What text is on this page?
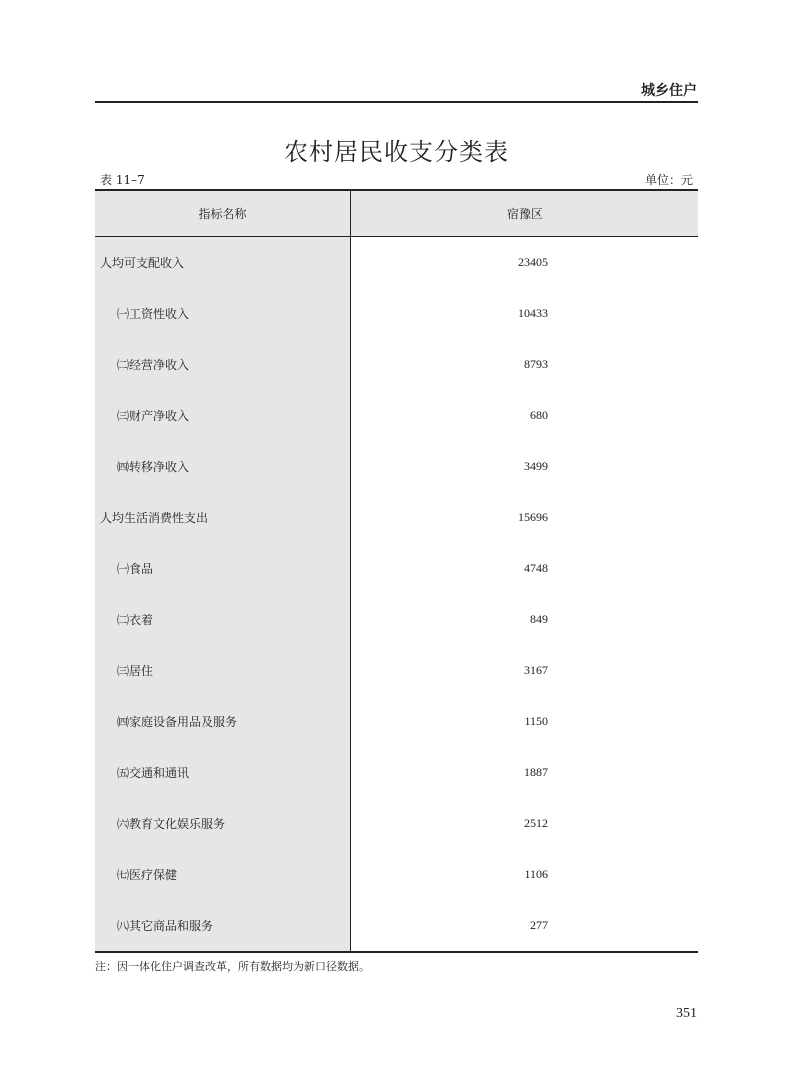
城乡住户
农村居民收支分类表
表 11–7	单位：元
指标名称	宿豫区
人均可支配收入	23405
㈠工资性收入	10433
㈡经营净收入	8793
㈢财产净收入	680
㈣转移净收入	3499
人均生活消费性支出	15696
㈠食品	4748
㈡衣着	849
㈢居住	3167
㈣家庭设备用品及服务	1150
㈤交通和通讯	1887
㈥教育文化娱乐服务	2512
㈦医疗保健	1106
㈧其它商品和服务	277
注：因一体化住户调查改革，所有数据均为新口径数据。
351
